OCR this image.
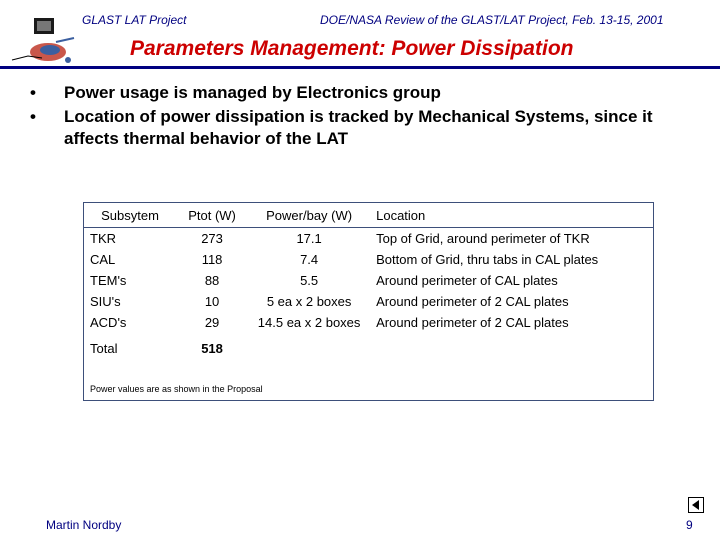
GLAST LAT Project	DOE/NASA Review of the GLAST/LAT Project, Feb. 13-15, 2001
Parameters Management: Power Dissipation
• Power usage is managed by Electronics group
• Location of power dissipation is tracked by Mechanical Systems, since it affects thermal behavior of the LAT
Subsytem	Ptot (W)	Power/bay (W)	Location
TKR	273	17.1	Top of Grid, around perimeter of TKR
CAL	118	7.4	Bottom of Grid, thru tabs in CAL plates
TEM's	88	5.5	Around perimeter of CAL plates
SIU's	10	5 ea x 2 boxes	Around perimeter of 2 CAL plates
ACD's	29	14.5 ea x 2 boxes	Around perimeter of 2 CAL plates
Total	518		
Power values are as shown in the Proposal
Martin Nordby	9
